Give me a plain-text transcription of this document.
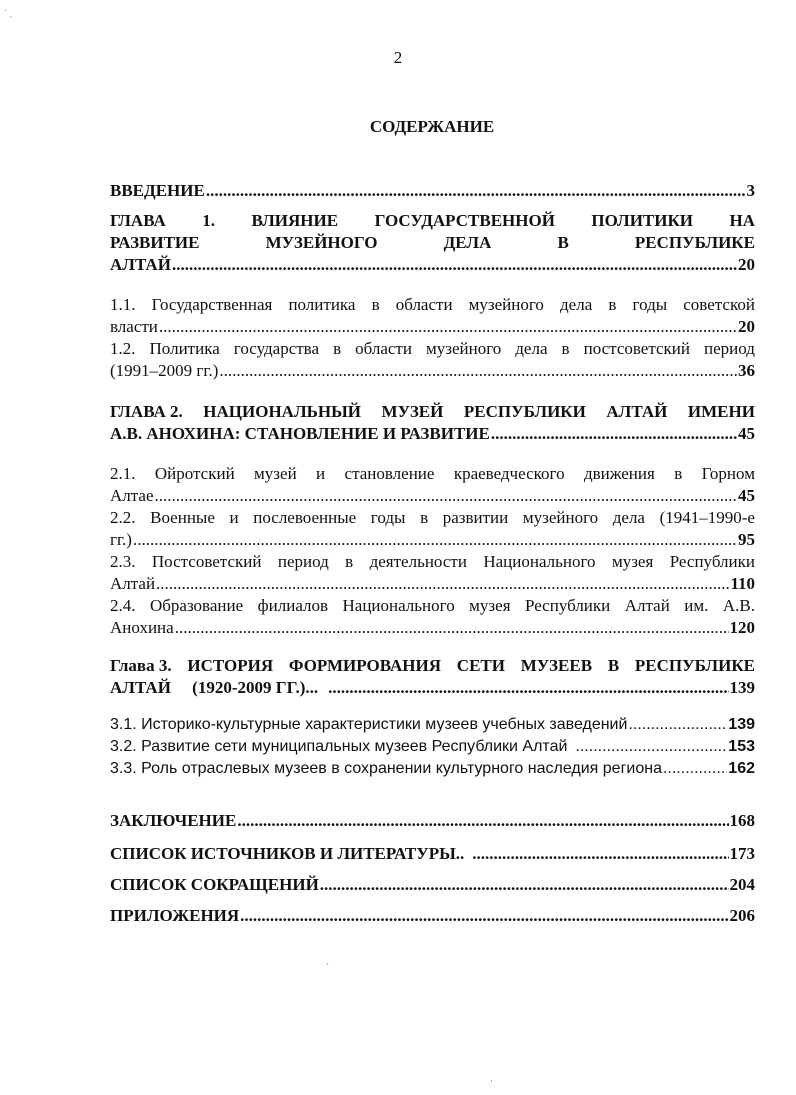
2
СОДЕРЖАНИЕ
ВВЕДЕНИЕ .....	3
ГЛАВА 1. ВЛИЯНИЕ ГОСУДАРСТВЕННОЙ ПОЛИТИКИ НА
РАЗВИТИЕ	МУЗЕЙНОГО	ДЕЛА	В	РЕСПУБЛИКЕ
АЛТАЙ .....	20
1.1. Государственная политика в области музейного дела в годы советской
власти .....	20
1.2. Политика государства в области музейного дела в постсоветский период
(1991–2009 гг.) .....	36
ГЛАВА 2. НАЦИОНАЛЬНЫЙ МУЗЕЙ РЕСПУБЛИКИ АЛТАЙ ИМЕНИ
А.В. АНОХИНА: СТАНОВЛЕНИЕ И РАЗВИТИЕ .....	45
2.1. Ойротский музей и становление краеведческого движения в Горном
Алтае .....	45
2.2. Военные и послевоенные годы в развитии музейного дела (1941–1990-е
гг.) .....	95
2.3. Постсоветский период в деятельности Национального музея Республики
Алтай .....	110
2.4. Образование филиалов Национального музея Республики Алтай им. А.В.
Анохина .....	120
Глава 3. ИСТОРИЯ ФОРМИРОВАНИЯ СЕТИ МУЗЕЕВ В РЕСПУБЛИКЕ
АЛТАЙ     (1920-2009 ГГ.)... .....	139
3.1. Историко-культурные характеристики музеев учебных заведений .....	139
3.2. Развитие сети муниципальных музеев Республики Алтай .....	153
3.3. Роль отраслевых музеев в сохранении культурного наследия региона .....	162
ЗАКЛЮЧЕНИЕ .....	168
СПИСОК ИСТОЧНИКОВ И ЛИТЕРАТУРЫ.. .....	173
СПИСОК СОКРАЩЕНИЙ .....	204
ПРИЛОЖЕНИЯ .....	206
˙ ˏ
ˋ
·
